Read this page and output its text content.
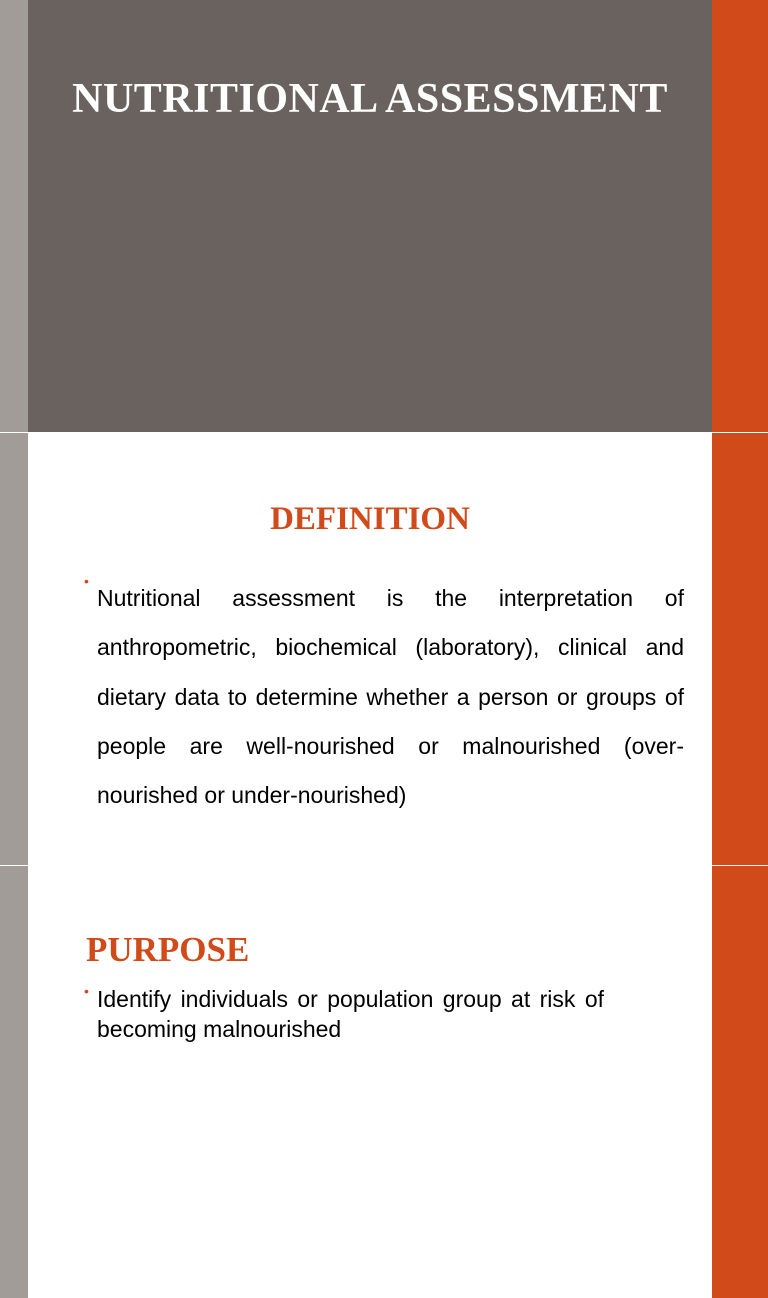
NUTRITIONAL ASSESSMENT
DEFINITION
•
Nutritional assessment is the interpretation of anthropometric, biochemical (laboratory), clinical and dietary data to determine whether a person or groups of people are well-nourished or malnourished (over-nourished or under-nourished)
PURPOSE
• Identify individuals or population group at risk of becoming malnourished
